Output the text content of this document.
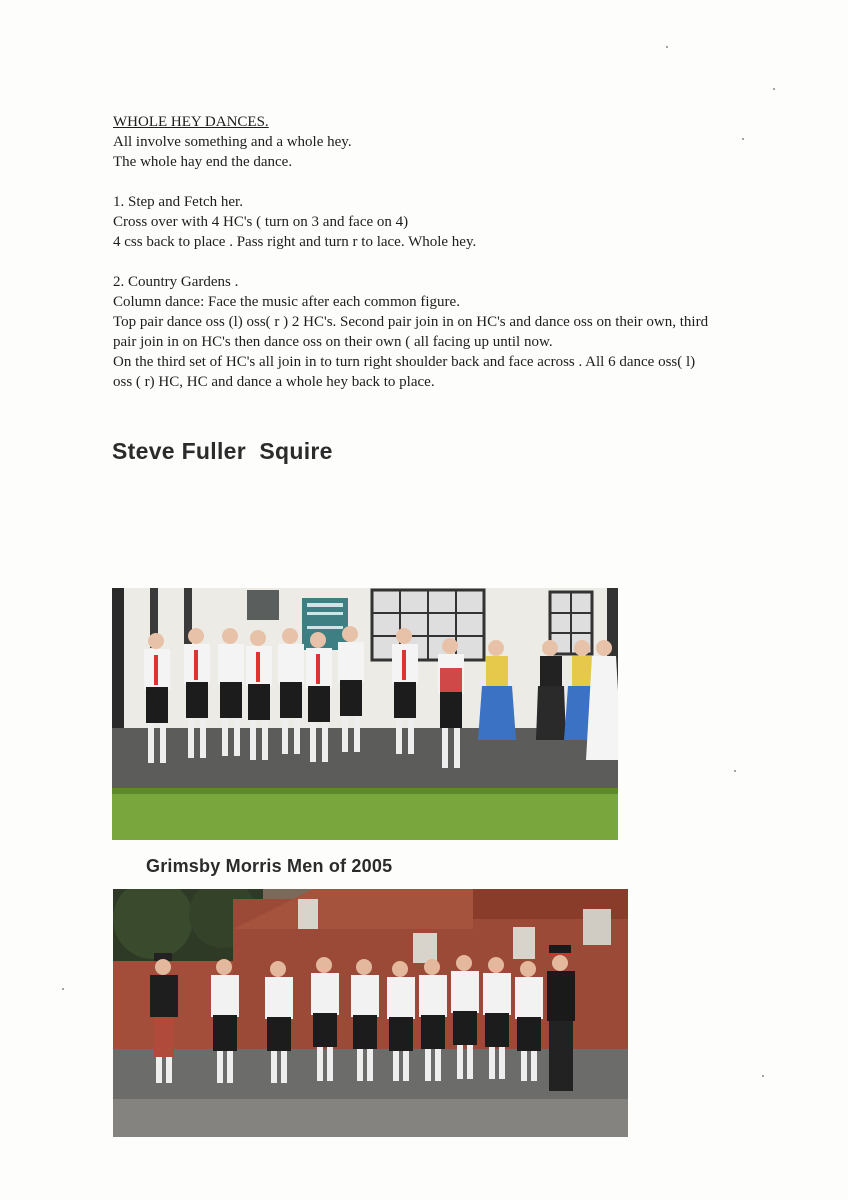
WHOLE HEY DANCES.

All involve something and a whole hey.

The whole hay end the dance.

1. Step and Fetch her.

Cross over with 4 HC's ( turn on 3 and face on 4)

4 css back to place . Pass right and turn r to lace. Whole hey.

2. Country Gardens .

Column dance: Face the music after each common figure.

Top pair dance oss (l) oss( r ) 2 HC's. Second pair join in on HC's and dance oss on their own, third pair join in on HC's then dance oss on their own ( all facing up until now.

On the third set of HC's all join in to turn right shoulder back and face across . All 6 dance oss( l) oss ( r) HC, HC and dance a whole hey back to place.

Steve Fuller  Squire
Grimsby Morris Men of 2005
